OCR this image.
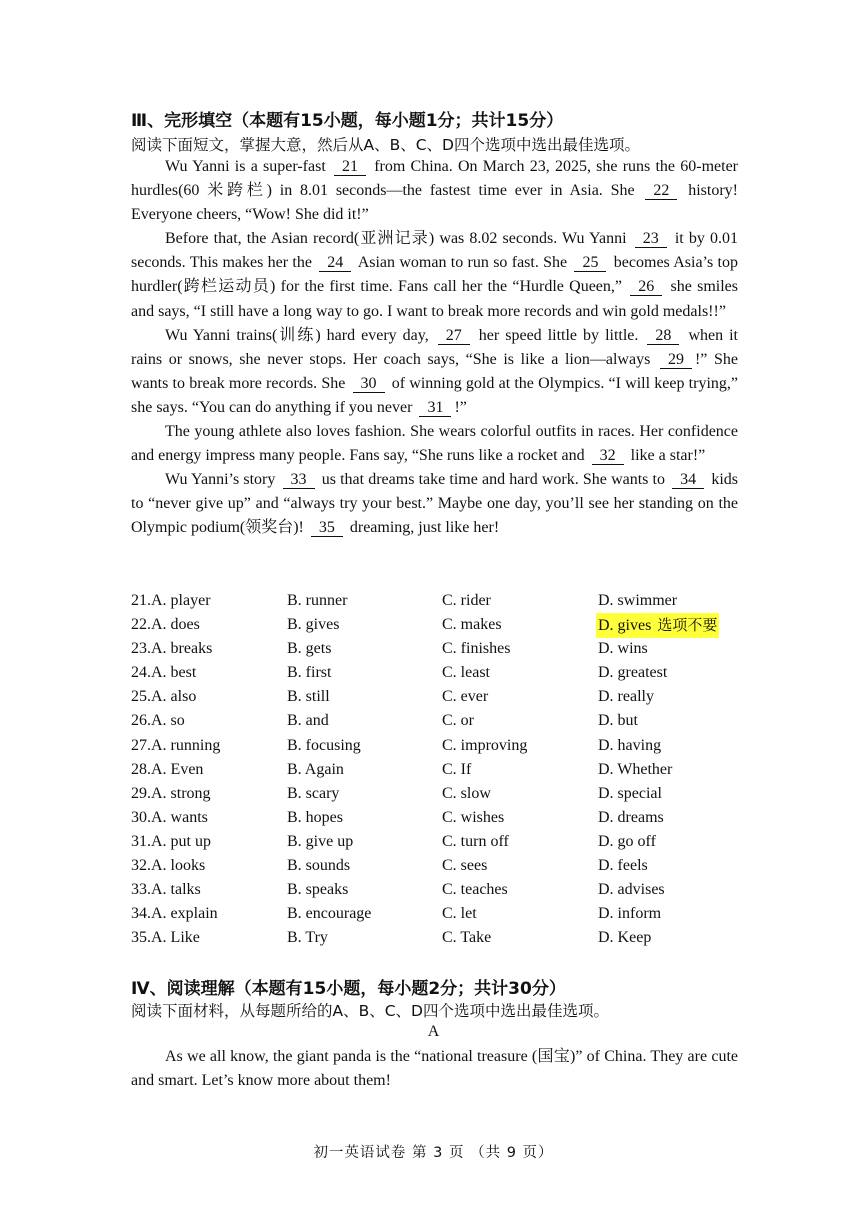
Ⅲ、完形填空（本题有15小题，每小题1分；共计15分）
阅读下面短文，掌握大意，然后从A、B、C、D四个选项中选出最佳选项。

Wu Yanni is a super-fast 21 from China. On March 23, 2025, she runs the 60-meter hurdles(60 米跨栏) in 8.01 seconds—the fastest time ever in Asia. She 22 history! Everyone cheers, “Wow! She did it!”

Before that, the Asian record(亚洲记录) was 8.02 seconds. Wu Yanni 23 it by 0.01 seconds. This makes her the 24 Asian woman to run so fast. She 25 becomes Asia’s top hurdler(跨栏运动员) for the first time. Fans call her the “Hurdle Queen,” 26 she smiles and says, “I still have a long way to go. I want to break more records and win gold medals!!”

Wu Yanni trains(训练) hard every day, 27 her speed little by little. 28 when it rains or snows, she never stops. Her coach says, “She is like a lion—always 29 !” She wants to break more records. She 30 of winning gold at the Olympics. “I will keep trying,” she says. “You can do anything if you never 31 !”

The young athlete also loves fashion. She wears colorful outfits in races. Her confidence and energy impress many people. Fans say, “She runs like a rocket and 32 like a star!”

Wu Yanni’s story 33 us that dreams take time and hard work. She wants to 34 kids to “never give up” and “always try your best.” Maybe one day, you’ll see her standing on the Olympic podium(领奖台)! 35 dreaming, just like her!

21.A. player	B. runner	C. rider	D. swimmer
22.A. does	B. gives	C. makes	D. gives 选项不要
23.A. breaks	B. gets	C. finishes	D. wins
24.A. best	B. first	C. least	D. greatest
25.A. also	B. still	C. ever	D. really
26.A. so	B. and	C. or	D. but
27.A. running	B. focusing	C. improving	D. having
28.A. Even	B. Again	C. If	D. Whether
29.A. strong	B. scary	C. slow	D. special
30.A. wants	B. hopes	C. wishes	D. dreams
31.A. put up	B. give up	C. turn off	D. go off
32.A. looks	B. sounds	C. sees	D. feels
33.A. talks	B. speaks	C. teaches	D. advises
34.A. explain	B. encourage	C. let	D. inform
35.A. Like	B. Try	C. Take	D. Keep
Ⅳ、阅读理解（本题有15小题，每小题2分；共计30分）
阅读下面材料，从每题所给的A、B、C、D四个选项中选出最佳选项。
A

As we all know, the giant panda is the “national treasure (国宝)” of China. They are cute and smart. Let’s know more about them!

初一英语试卷 第 3 页 （共 9 页）
